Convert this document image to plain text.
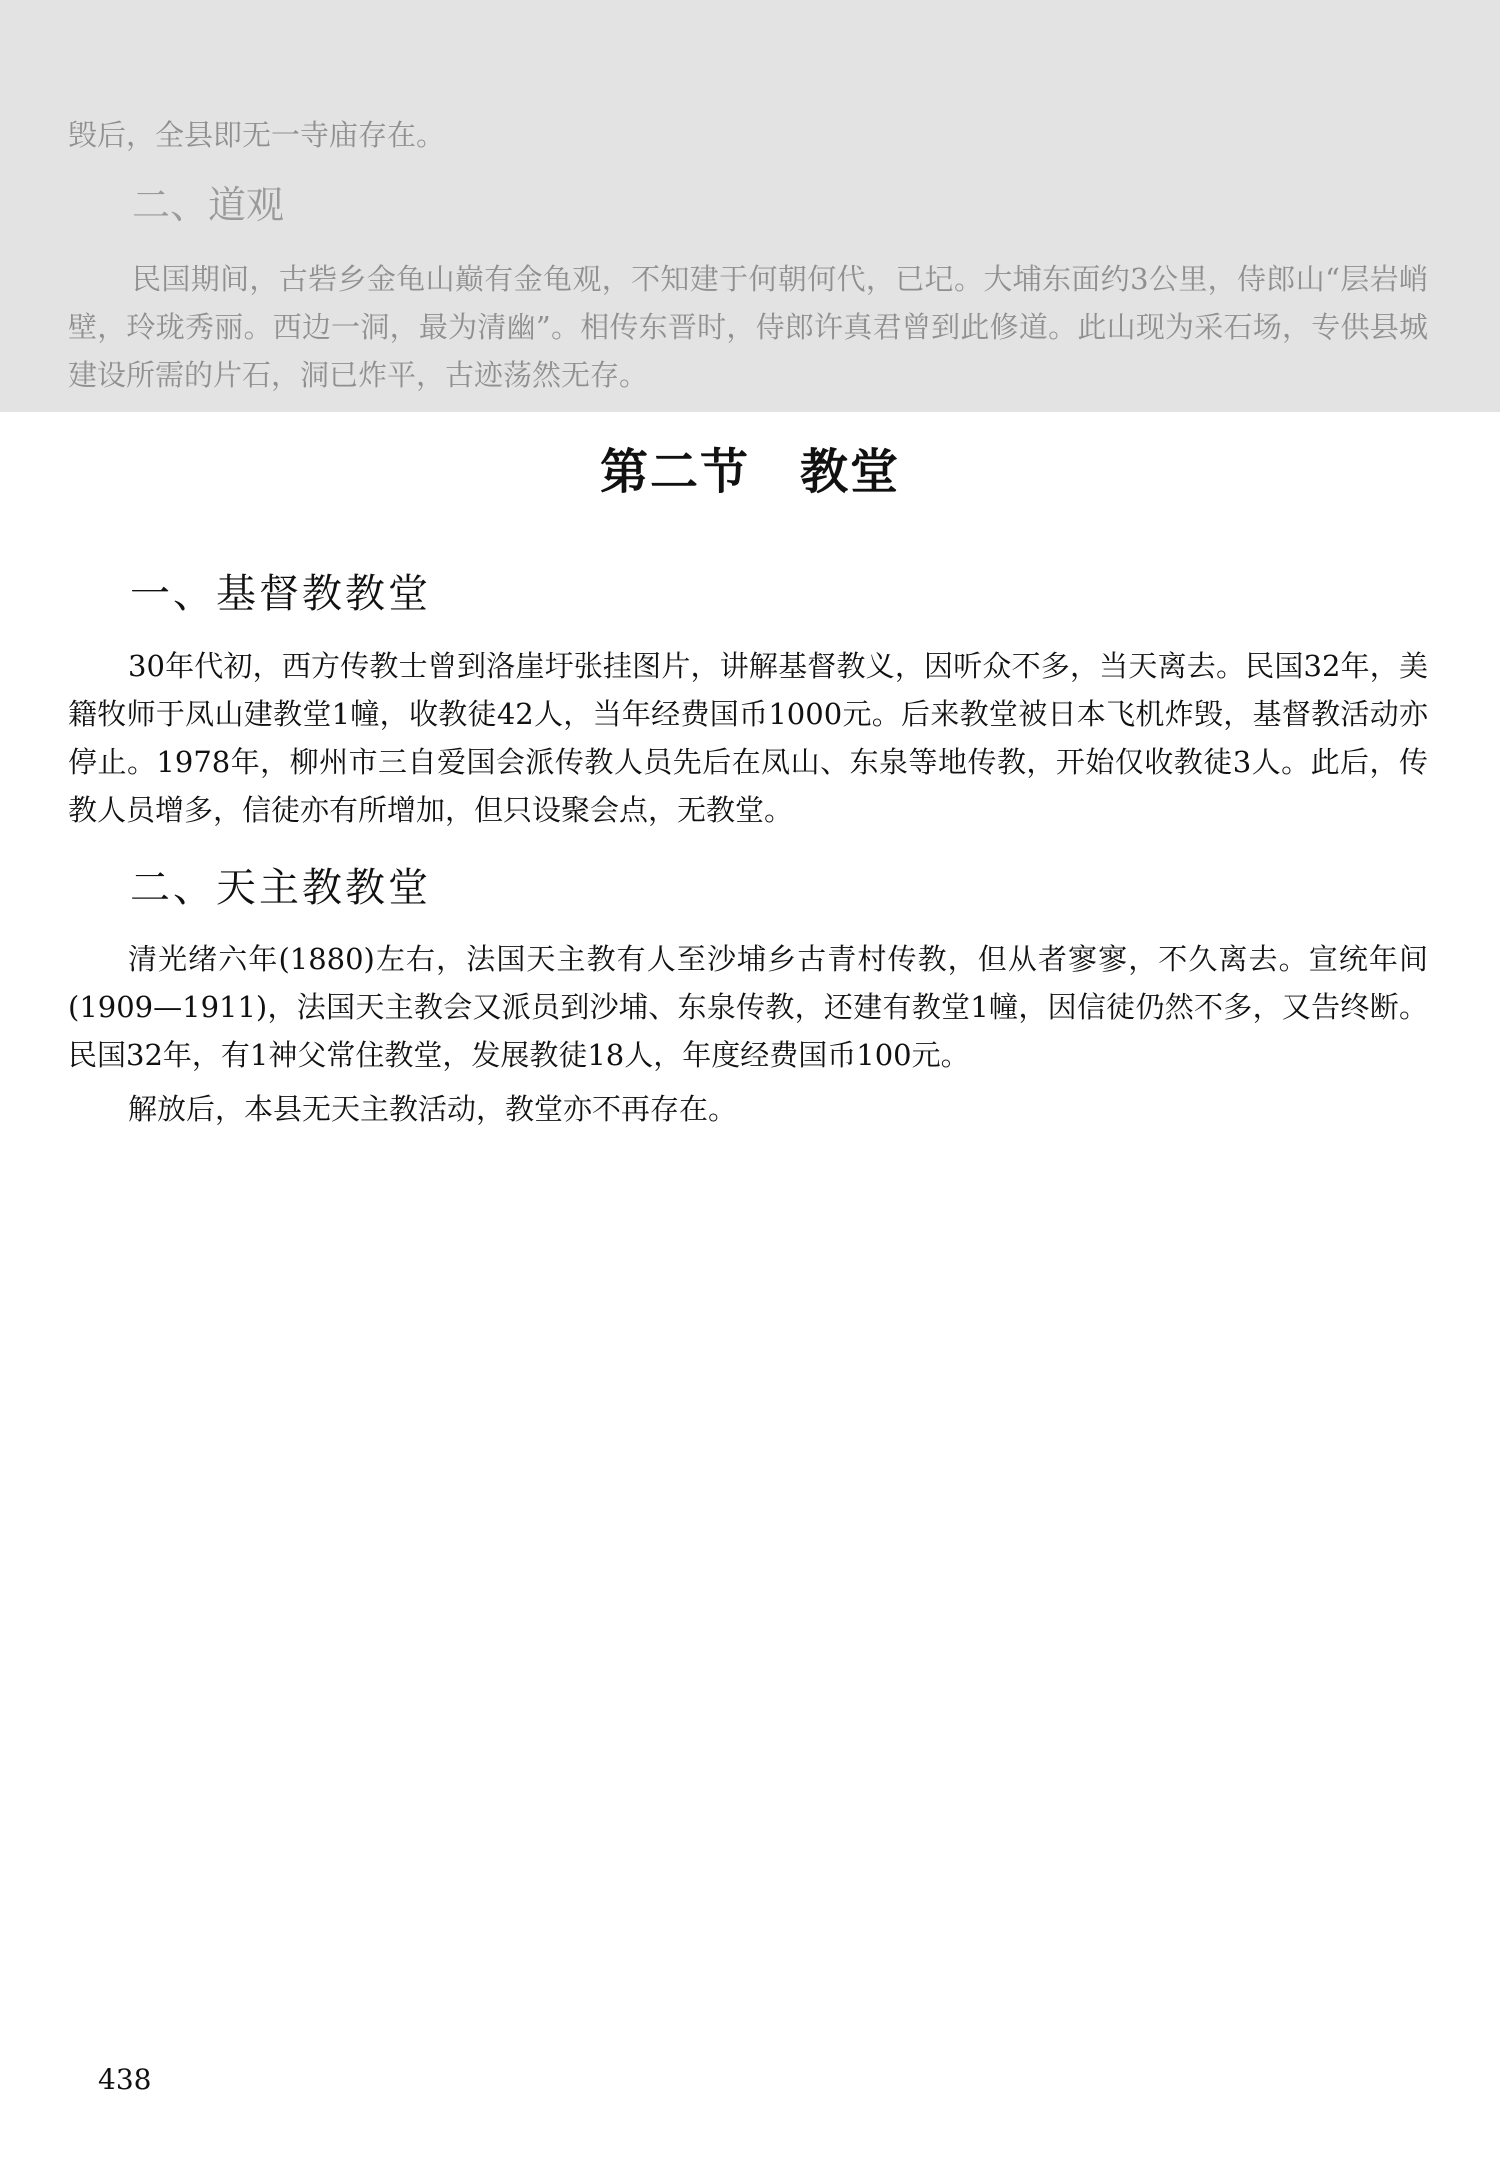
毁后，全县即无一寺庙存在。
二、道观
民国期间，古砦乡金龟山巅有金龟观，不知建于何朝何代，已圮。大埔东面约3公里，侍郎山“层岩峭壁，玲珑秀丽。西边一洞，最为清幽”。相传东晋时，侍郎许真君曾到此修道。此山现为采石场，专供县城建设所需的片石，洞已炸平，古迹荡然无存。
第二节　教堂
一、基督教教堂
30年代初，西方传教士曾到洛崖圩张挂图片，讲解基督教义，因听众不多，当天离去。民国32年，美籍牧师于凤山建教堂1幢，收教徒42人，当年经费国币1000元。后来教堂被日本飞机炸毁，基督教活动亦停止。1978年，柳州市三自爱国会派传教人员先后在凤山、东泉等地传教，开始仅收教徒3人。此后，传教人员增多，信徒亦有所增加，但只设聚会点，无教堂。
二、天主教教堂
清光绪六年(1880)左右，法国天主教有人至沙埔乡古青村传教，但从者寥寥，不久离去。宣统年间(1909—1911)，法国天主教会又派员到沙埔、东泉传教，还建有教堂1幢，因信徒仍然不多，又告终断。民国32年，有1神父常住教堂，发展教徒18人，年度经费国币100元。
解放后，本县无天主教活动，教堂亦不再存在。
438
